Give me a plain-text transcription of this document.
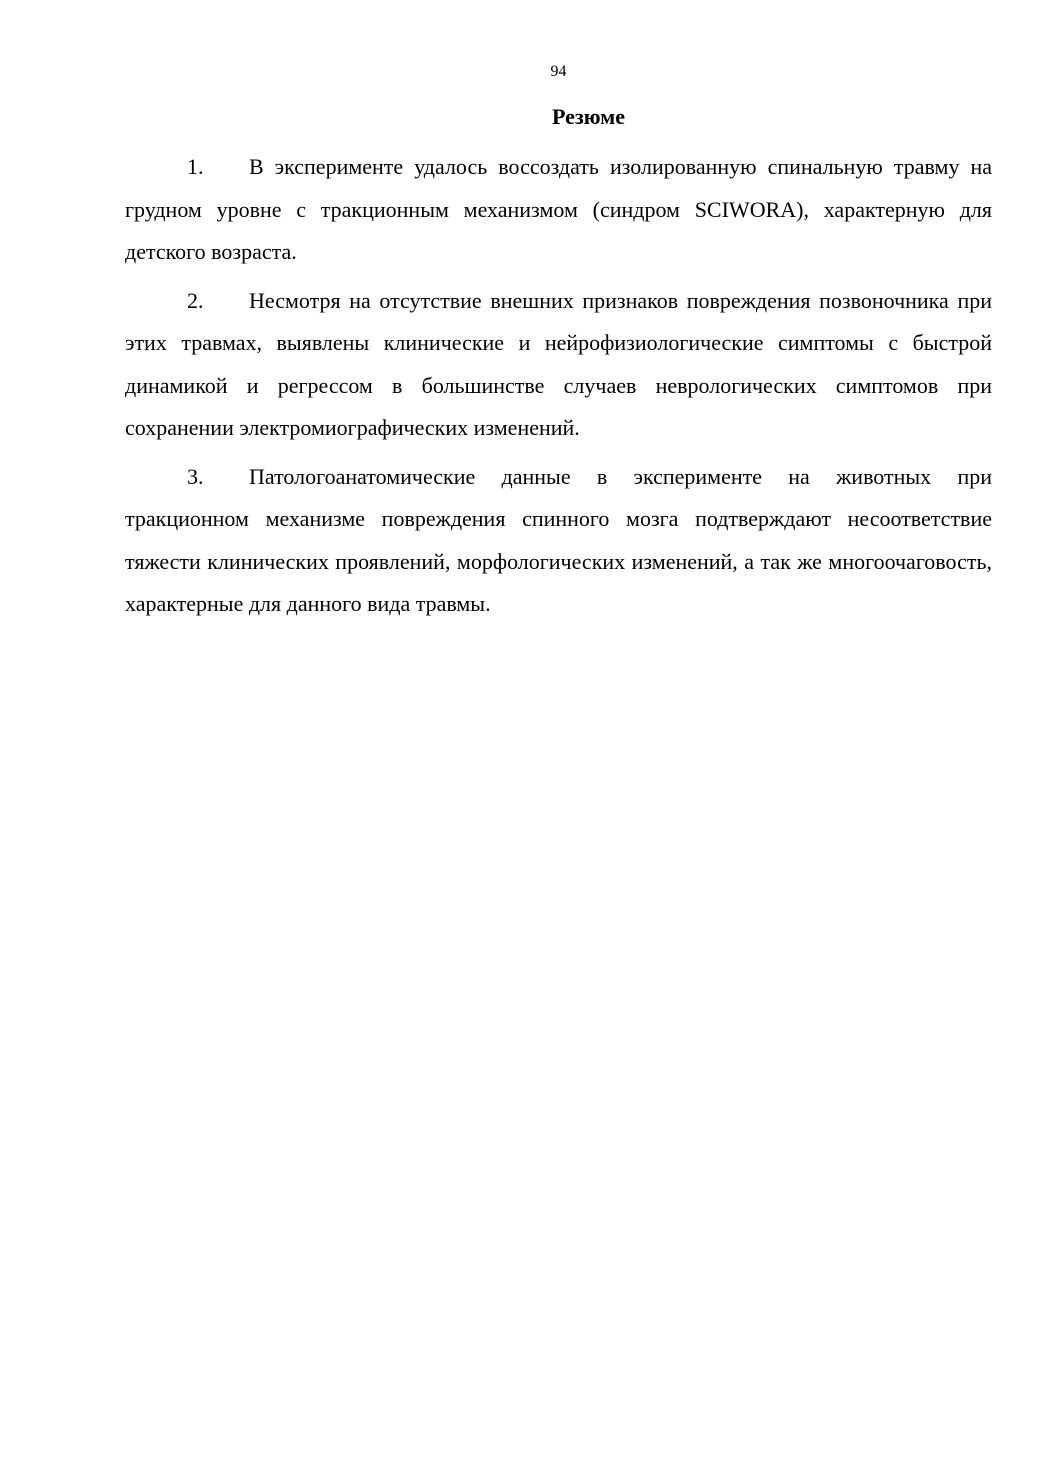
94
Резюме

1. В эксперименте удалось воссоздать изолированную спинальную травму на грудном уровне с тракционным механизмом (синдром SCIWORA), характерную для детского возраста.

2. Несмотря на отсутствие внешних признаков повреждения позвоночника при этих травмах, выявлены клинические и нейрофизиологические симптомы с быстрой динамикой и регрессом в большинстве случаев неврологических симптомов при сохранении электромиографических изменений.

3. Патологоанатомические данные в эксперименте на животных при тракционном механизме повреждения спинного мозга подтверждают несоответствие тяжести клинических проявлений, морфологических изменений, а так же многоочаговость, характерные для данного вида травмы.
